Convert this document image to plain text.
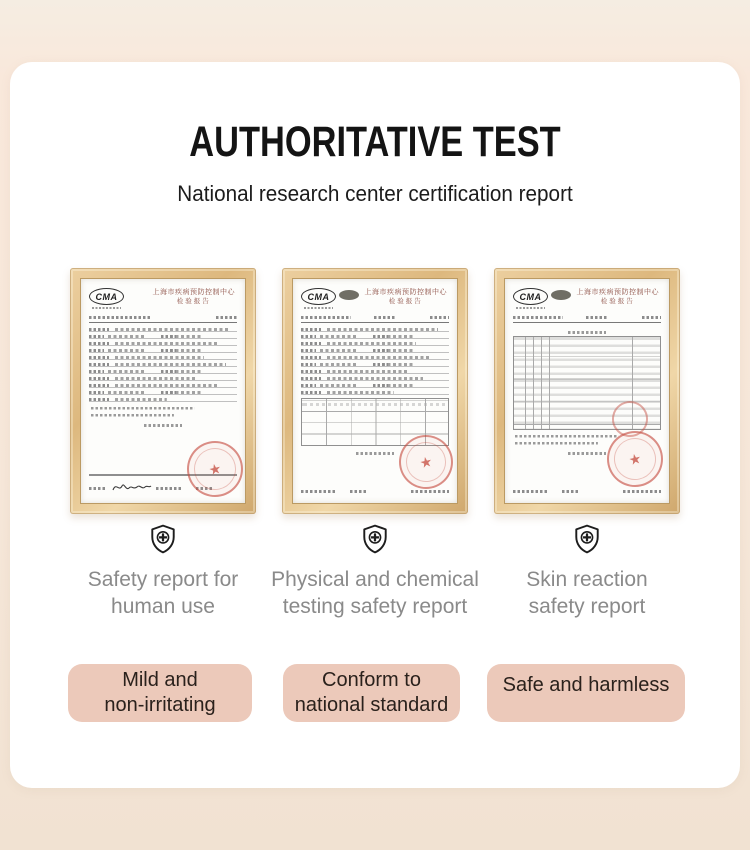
AUTHORITATIVE TEST
National research center certification report
CMA	上海市疾病预防控制中心
检验报告
★
Safety report for
human use
CMA	上海市疾病预防控制中心
检验报告
★
Physical and chemical
testing safety report
CMA	上海市疾病预防控制中心
检验报告
★
Skin reaction
safety report
Mild and
non-irritating
Conform to
national standard
Safe and harmless
